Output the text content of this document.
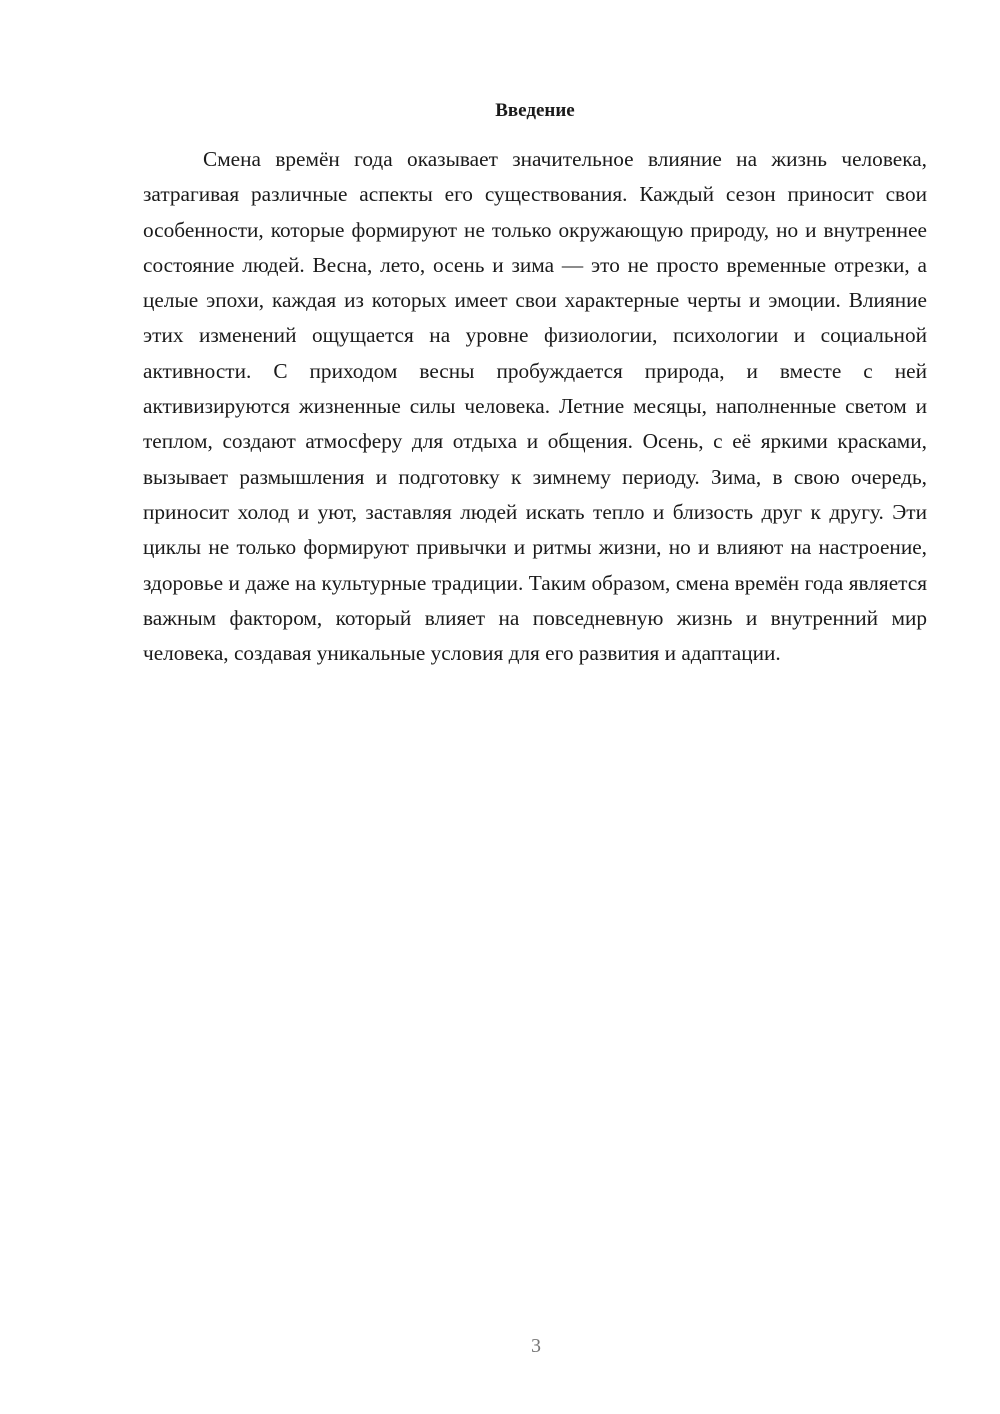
Введение

Смена времён года оказывает значительное влияние на жизнь человека, затрагивая различные аспекты его существования. Каждый сезон приносит свои особенности, которые формируют не только окружающую природу, но и внутреннее состояние людей. Весна, лето, осень и зима — это не просто временные отрезки, а целые эпохи, каждая из которых имеет свои характерные черты и эмоции. Влияние этих изменений ощущается на уровне физиологии, психологии и социальной активности. С приходом весны пробуждается природа, и вместе с ней активизируются жизненные силы человека. Летние месяцы, наполненные светом и теплом, создают атмосферу для отдыха и общения. Осень, с её яркими красками, вызывает размышления и подготовку к зимнему периоду. Зима, в свою очередь, приносит холод и уют, заставляя людей искать тепло и близость друг к другу. Эти циклы не только формируют привычки и ритмы жизни, но и влияют на настроение, здоровье и даже на культурные традиции. Таким образом, смена времён года является важным фактором, который влияет на повседневную жизнь и внутренний мир человека, создавая уникальные условия для его развития и адаптации.

3
